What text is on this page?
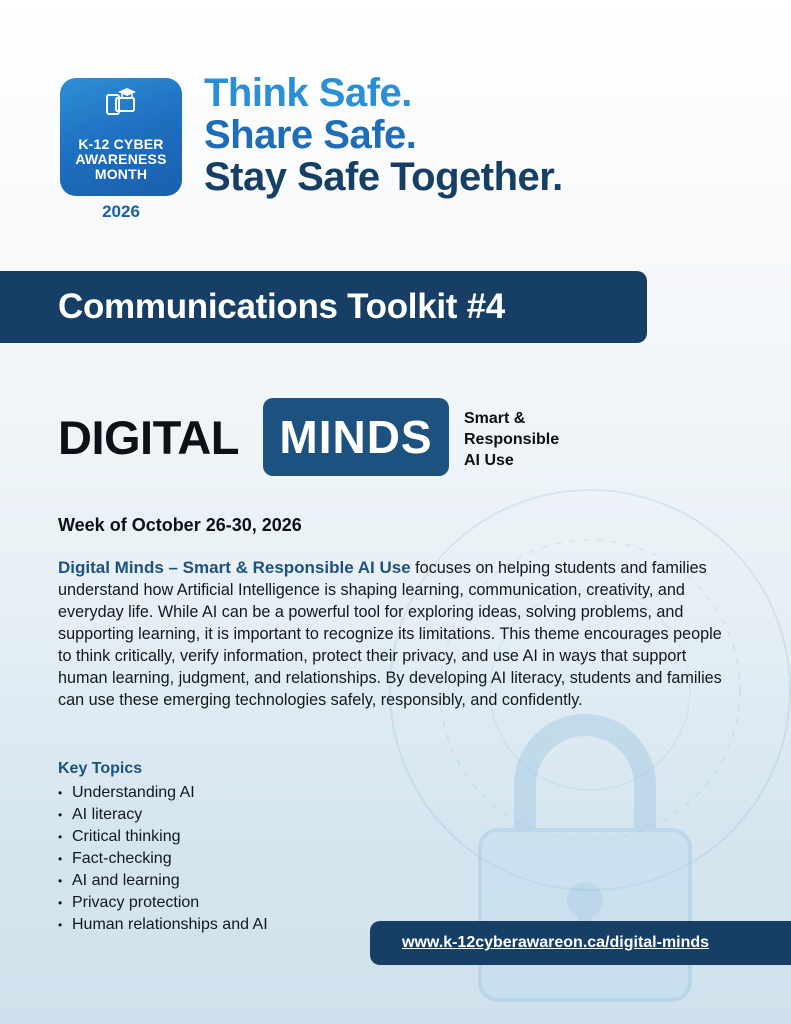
K-12 CYBER
AWARENESS
MONTH
2026
Think Safe.
Share Safe.
Stay Safe Together.
Communications Toolkit #4
DIGITAL MINDS Smart &
Responsible
AI Use
Week of October 26-30, 2026

Digital Minds – Smart & Responsible AI Use focuses on helping students and families understand how Artificial Intelligence is shaping learning, communication, creativity, and everyday life. While AI can be a powerful tool for exploring ideas, solving problems, and supporting learning, it is important to recognize its limitations. This theme encourages people to think critically, verify information, protect their privacy, and use AI in ways that support human learning, judgment, and relationships. By developing AI literacy, students and families can use these emerging technologies safely, responsibly, and confidently.

Key Topics
• Understanding AI
• AI literacy
• Critical thinking
• Fact-checking
• AI and learning
• Privacy protection
• Human relationships and AI
www.k-12cyberawareon.ca/digital-minds
